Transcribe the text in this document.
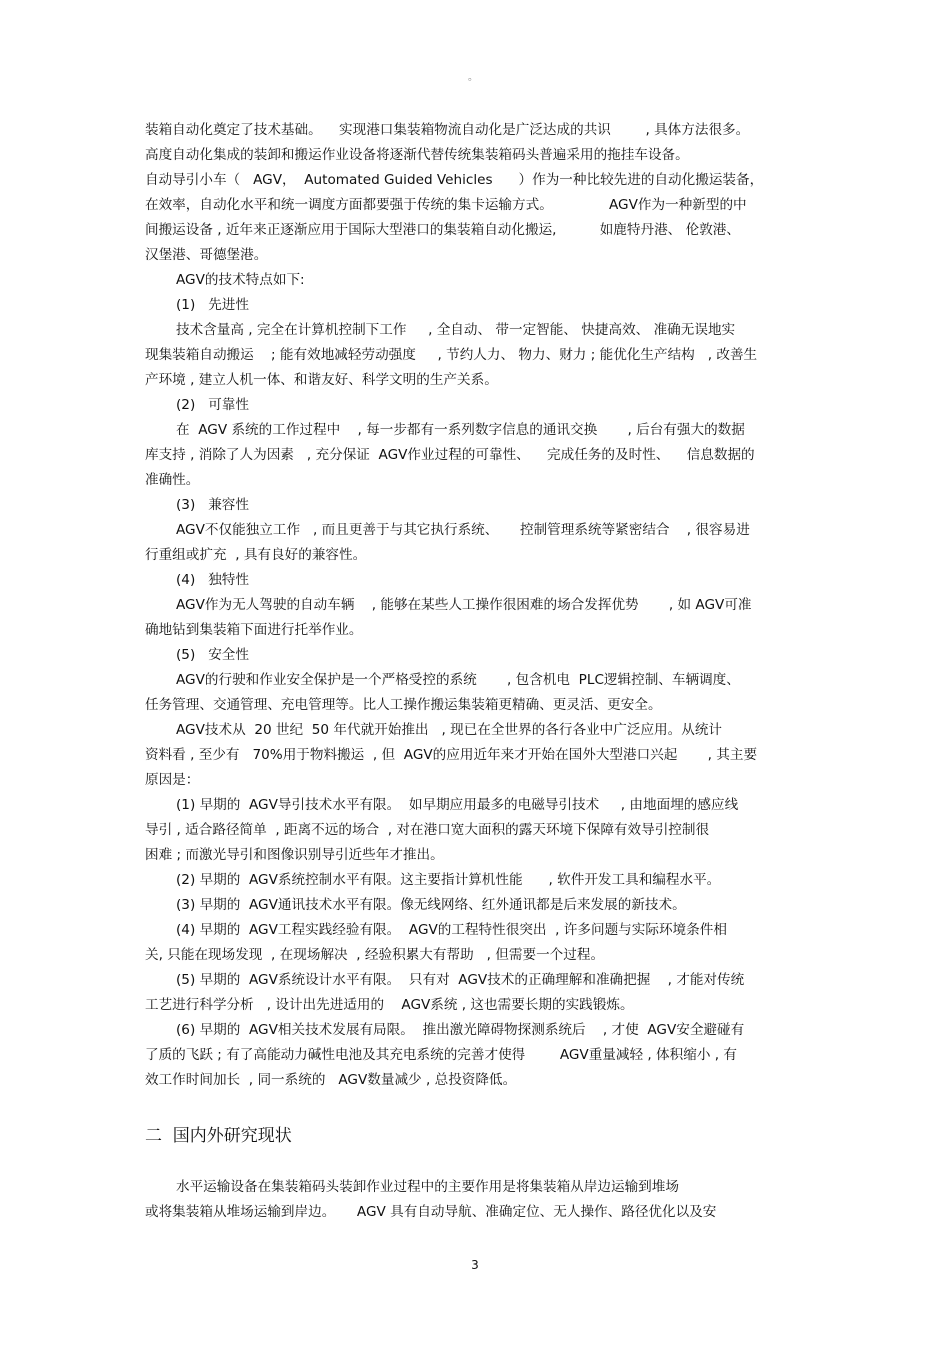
。
装箱自动化奠定了技术基础。    实现港口集装箱物流自动化是广泛达成的共识        , 具体方法很多。
高度自动化集成的装卸和搬运作业设备将逐渐代替传统集装箱码头普遍采用的拖挂车设备。
自动导引小车（   AGV，  Automated Guided Vehicles      ）作为一种比较先进的自动化搬运装备，
在效率，自动化水平和统一调度方面都要强于传统的集卡运输方式。             AGV作为一种新型的中
间搬运设备 , 近年来正逐渐应用于国际大型港口的集装箱自动化搬运,          如鹿特丹港、 伦敦港、
汉堡港、哥德堡港。
AGV的技术特点如下:
(1)   先进性
技术含量高 , 完全在计算机控制下工作     , 全自动、 带一定智能、 快捷高效、 准确无误地实
现集装箱自动搬运    ; 能有效地减轻劳动强度     , 节约人力、 物力、财力 ; 能优化生产结构   , 改善生
产环境 , 建立人机一体、和谐友好、科学文明的生产关系。
(2)   可靠性
在  AGV 系统的工作过程中    , 每一步都有一系列数字信息的通讯交换       , 后台有强大的数据
库支持 , 消除了人为因素   , 充分保证  AGV作业过程的可靠性、    完成任务的及时性、    信息数据的
准确性。
(3)   兼容性
AGV不仅能独立工作   , 而且更善于与其它执行系统、     控制管理系统等紧密结合    , 很容易进
行重组或扩充  , 具有良好的兼容性。
(4)   独特性
AGV作为无人驾驶的自动车辆    , 能够在某些人工操作很困难的场合发挥优势       , 如 AGV可准
确地钻到集装箱下面进行托举作业。
(5)   安全性
AGV的行驶和作业安全保护是一个严格受控的系统       , 包含机电  PLC逻辑控制、车辆调度、
任务管理、交通管理、充电管理等。比人工操作搬运集装箱更精确、更灵活、更安全。
AGV技术从  20 世纪  50 年代就开始推出   , 现已在全世界的各行各业中广泛应用。从统计
资料看 , 至少有   70%用于物料搬运  , 但  AGV的应用近年来才开始在国外大型港口兴起       , 其主要
原因是：
(1) 早期的  AGV导引技术水平有限。  如早期应用最多的电磁导引技术     , 由地面埋的感应线
导引 , 适合路径简单  , 距离不远的场合  , 对在港口宽大面积的露天环境下保障有效导引控制很
困难 ; 而激光导引和图像识别导引近些年才推出。
(2) 早期的  AGV系统控制水平有限。这主要指计算机性能      , 软件开发工具和编程水平。
(3) 早期的  AGV通讯技术水平有限。像无线网络、红外通讯都是后来发展的新技术。
(4) 早期的  AGV工程实践经验有限。  AGV的工程特性很突出  , 许多问题与实际环境条件相
关, 只能在现场发现  , 在现场解决  , 经验积累大有帮助   , 但需要一个过程。
(5) 早期的  AGV系统设计水平有限。  只有对  AGV技术的正确理解和准确把握    , 才能对传统
工艺进行科学分析   , 设计出先进适用的    AGV系统 , 这也需要长期的实践锻炼。
(6) 早期的  AGV相关技术发展有局限。  推出激光障碍物探测系统后    , 才使  AGV安全避碰有
了质的飞跃 ; 有了高能动力碱性电池及其充电系统的完善才使得        AGV重量减轻 , 体积缩小 , 有
效工作时间加长  , 同一系统的   AGV数量减少 , 总投资降低。
二  国内外研究现状
水平运输设备在集装箱码头装卸作业过程中的主要作用是将集装箱从岸边运输到堆场
或将集装箱从堆场运输到岸边。     AGV 具有自动导航、准确定位、无人操作、路径优化以及安
3
